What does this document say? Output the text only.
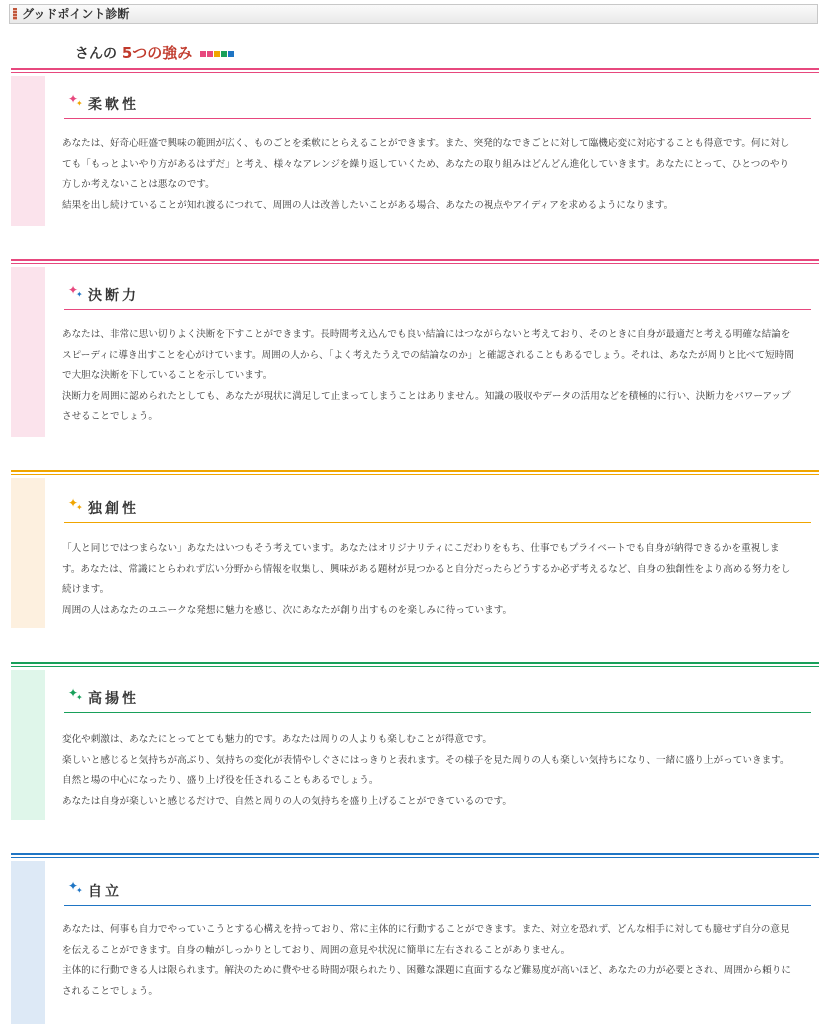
グッドポイント診断
さんの 5つの強み
✦
✦ 柔軟性

あなたは、好奇心旺盛で興味の範囲が広く、ものごとを柔軟にとらえることができます。また、突発的なできごとに対して臨機応変に対応することも得意です。何に対しても「もっとよいやり方があるはずだ」と考え、様々なアレンジを繰り返していくため、あなたの取り組みはどんどん進化していきます。あなたにとって、ひとつのやり方しか考えないことは悪なのです。

結果を出し続けていることが知れ渡るにつれて、周囲の人は改善したいことがある場合、あなたの視点やアイディアを求めるようになります。

✦
✦ 決断力

あなたは、非常に思い切りよく決断を下すことができます。長時間考え込んでも良い結論にはつながらないと考えており、そのときに自身が最適だと考える明確な結論をスピーディに導き出すことを心がけています。周囲の人から、「よく考えたうえでの結論なのか」と確認されることもあるでしょう。それは、あなたが周りと比べて短時間で大胆な決断を下していることを示しています。

決断力を周囲に認められたとしても、あなたが現状に満足して止まってしまうことはありません。知識の吸収やデータの活用などを積極的に行い、決断力をパワーアップさせることでしょう。

✦
✦ 独創性

「人と同じではつまらない」あなたはいつもそう考えています。あなたはオリジナリティにこだわりをもち、仕事でもプライベートでも自身が納得できるかを重視します。あなたは、常識にとらわれず広い分野から情報を収集し、興味がある題材が見つかると自分だったらどうするか必ず考えるなど、自身の独創性をより高める努力をし続けます。

周囲の人はあなたのユニークな発想に魅力を感じ、次にあなたが創り出すものを楽しみに待っています。

✦
✦ 高揚性

変化や刺激は、あなたにとってとても魅力的です。あなたは周りの人よりも楽しむことが得意です。

楽しいと感じると気持ちが高ぶり、気持ちの変化が表情やしぐさにはっきりと表れます。その様子を見た周りの人も楽しい気持ちになり、一緒に盛り上がっていきます。自然と場の中心になったり、盛り上げ役を任されることもあるでしょう。

あなたは自身が楽しいと感じるだけで、自然と周りの人の気持ちを盛り上げることができているのです。

✦
✦ 自立

あなたは、何事も自力でやっていこうとする心構えを持っており、常に主体的に行動することができます。また、対立を恐れず、どんな相手に対しても臆せず自分の意見を伝えることができます。自身の軸がしっかりとしており、周囲の意見や状況に簡単に左右されることがありません。

主体的に行動できる人は限られます。解決のために費やせる時間が限られたり、困難な課題に直面するなど難易度が高いほど、あなたの力が必要とされ、周囲から頼りにされることでしょう。
